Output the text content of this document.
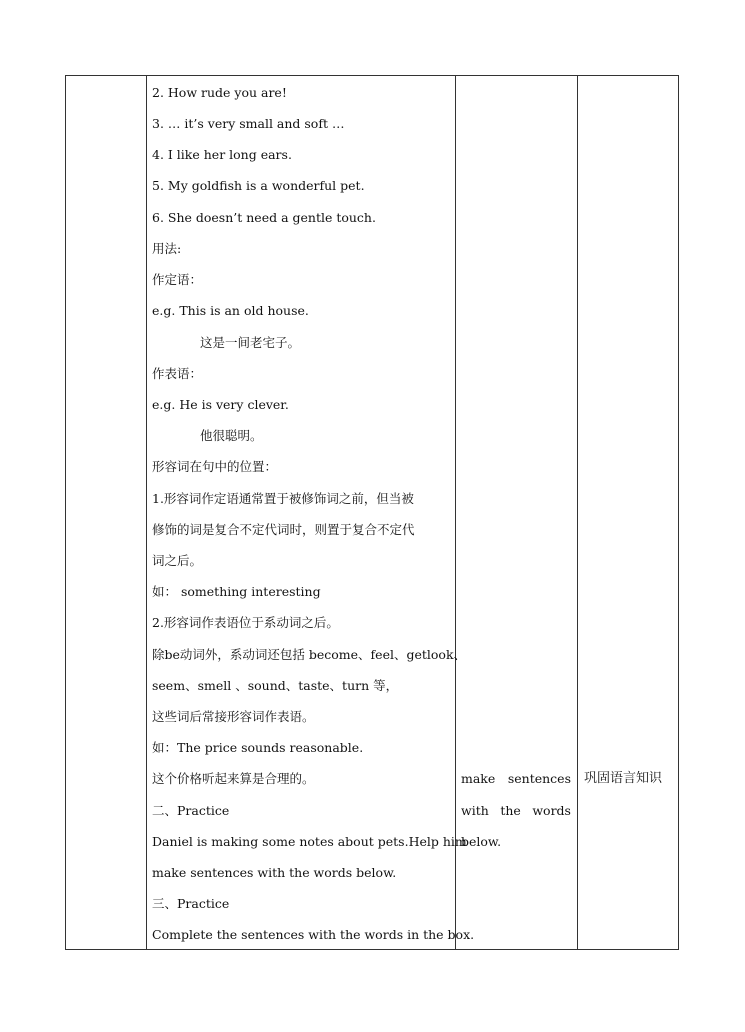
2. How rude you are!
3. … it’s very small and soft …
4. I like her long ears.
5. My goldfish is a wonderful pet.
6. She doesn’t need a gentle touch.
用法:
作定语：
e.g. This is an old house.
这是一间老宅子。
作表语：
e.g. He is very clever.
他很聪明。
形容词在句中的位置：
1.形容词作定语通常置于被修饰词之前，但当被
修饰的词是复合不定代词时，则置于复合不定代
词之后。
如： something interesting
2.形容词作表语位于系动词之后。
除be动词外，系动词还包括 become、feel、getlook、
seem、smell 、sound、taste、turn 等，
这些词后常接形容词作表语。
如：The price sounds reasonable.
这个价格听起来算是合理的。
二、Practice
Daniel is making some notes about pets.Help him
make sentences with the words below.
三、Practice
Complete the sentences with the words in the box.
make sentences
with the words
below.
巩固语言知识
